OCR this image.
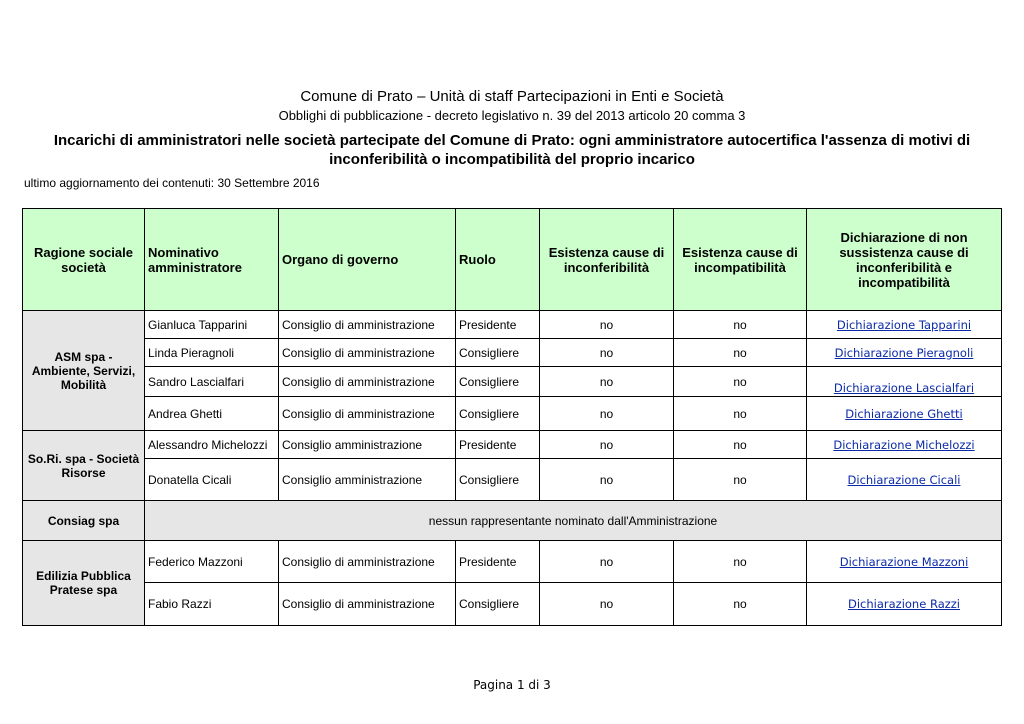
Comune di Prato – Unità di staff Partecipazioni in Enti e Società
Obblighi di pubblicazione - decreto legislativo n. 39 del 2013 articolo 20 comma 3
Incarichi di amministratori nelle società partecipate del Comune di Prato: ogni amministratore autocertifica l'assenza di motivi di inconferibilità o incompatibilità del proprio incarico
ultimo aggiornamento dei contenuti: 30 Settembre 2016
Ragione sociale società	Nominativo amministratore	Organo di governo	Ruolo	Esistenza cause di inconferibilità	Esistenza cause di incompatibilità	Dichiarazione di non sussistenza cause di inconferibilità e incompatibilità
ASM spa - Ambiente, Servizi, Mobilità	Gianluca Tapparini	Consiglio di amministrazione	Presidente	no	no	Dichiarazione Tapparini
	Linda Pieragnoli	Consiglio di amministrazione	Consigliere	no	no	Dichiarazione Pieragnoli
	Sandro Lascialfari	Consiglio di amministrazione	Consigliere	no	no	Dichiarazione Lascialfari
	Andrea Ghetti	Consiglio di amministrazione	Consigliere	no	no	Dichiarazione Ghetti
So.Ri. spa - Società Risorse	Alessandro Michelozzi	Consiglio amministrazione	Presidente	no	no	Dichiarazione Michelozzi
	Donatella Cicali	Consiglio amministrazione	Consigliere	no	no	Dichiarazione Cicali
Consiag spa	nessun rappresentante nominato dall'Amministrazione					
Edilizia Pubblica Pratese spa	Federico Mazzoni	Consiglio di amministrazione	Presidente	no	no	Dichiarazione Mazzoni
	Fabio Razzi	Consiglio di amministrazione	Consigliere	no	no	Dichiarazione Razzi
Pagina 1 di 3
